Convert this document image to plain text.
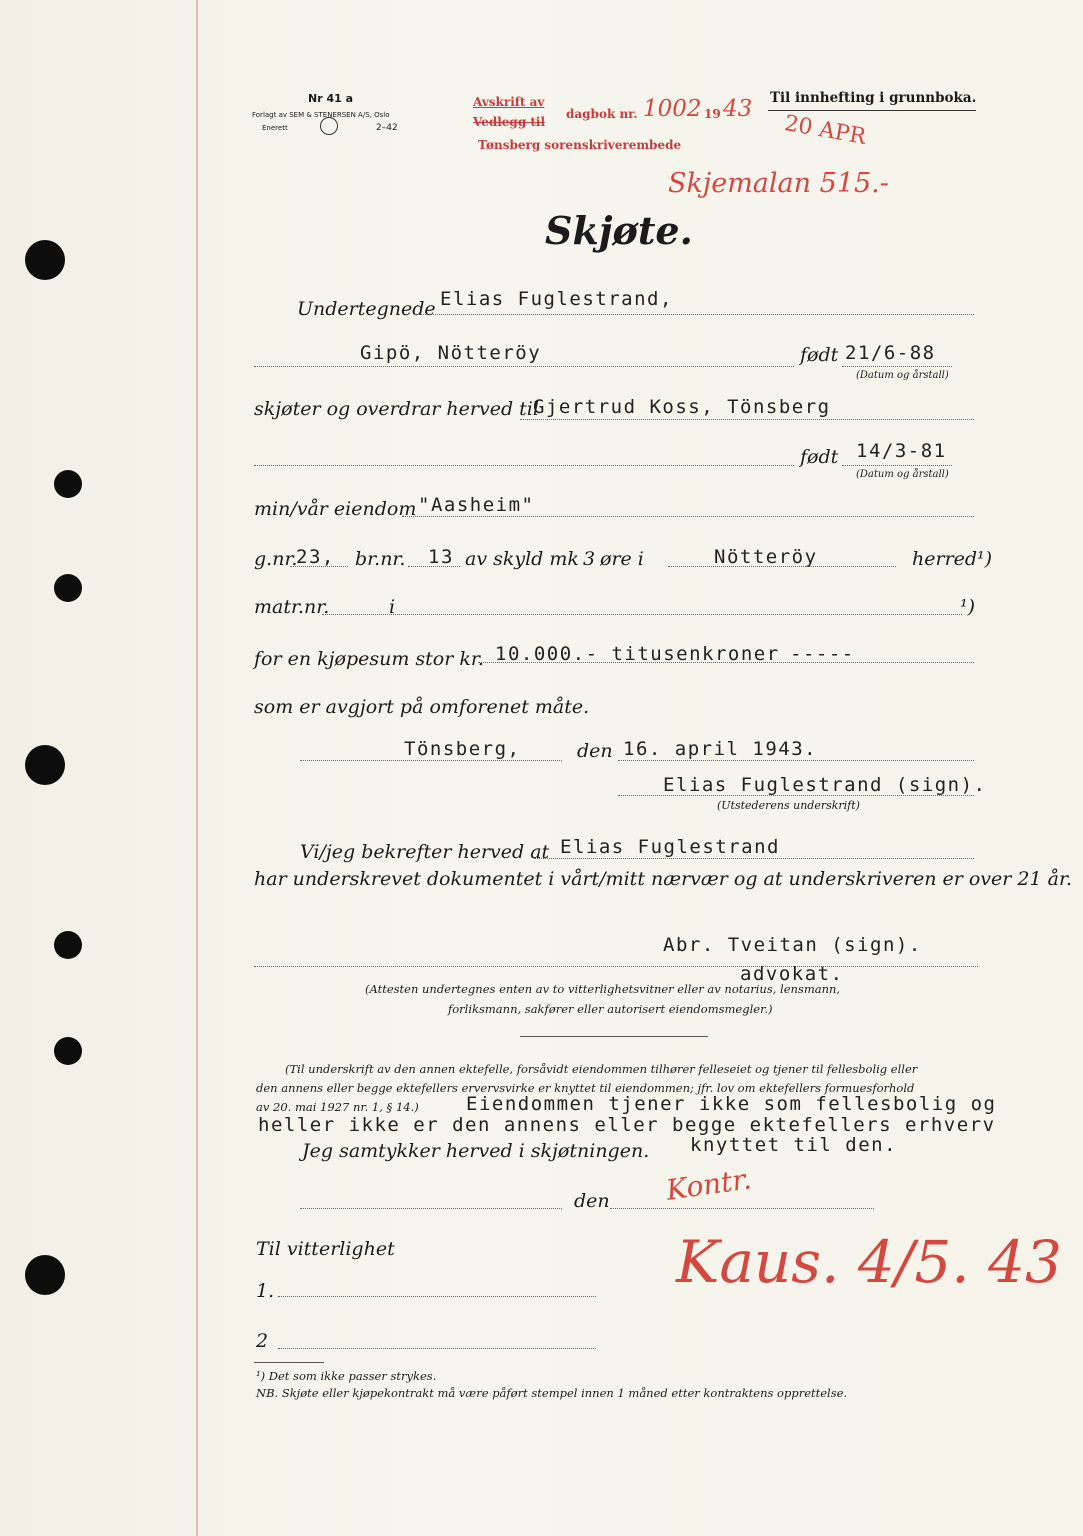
Nr 41 a
Forlagt av SEM & STENERSEN A/S, Oslo
Enerett	2–42
Avskrift av
Vedlegg til
dagbok nr. 1002 19 43
Tønsberg sorenskriverembede
Til innhefting i grunnboka.
20 APR
Skjemalan 515.-
Skjøte.
Undertegnede Elias Fuglestrand,
Gipö, Nötteröy	født 21/6-88
(Datum og årstall)
skjøter og overdrar herved til
Gjertrud Koss, Tönsberg
født 14/3-81
(Datum og årstall)
min/vår eiendom "Aasheim"
g.nr.
23, br.nr. 13 av skyld mk 3 øre i	Nötteröy	herred¹)
matr.nr.	i	¹)
for en kjøpesum stor kr. 10.000.- titusenkroner -----
som er avgjort på omforenet måte.
Tönsberg,	den 16. april 1943.
Elias Fuglestrand (sign).
(Utstederens underskrift)
Vi/jeg bekrefter herved at Elias Fuglestrand
har underskrevet dokumentet i vårt/mitt nærvær og at underskriveren er over 21 år.
Abr. Tveitan (sign).
advokat.
(Attesten undertegnes enten av to vitterlighetsvitner eller av notarius, lensmann,
forliksmann, sakfører eller autorisert eiendomsmegler.)
(Til underskrift av den annen ektefelle, forsåvidt eiendommen tilhører felleseiet og tjener til fellesbolig eller
den annens eller begge ektefellers ervervsvirke er knyttet til eiendommen; jfr. lov om ektefellers formuesforhold
av 20. mai 1927 nr. 1, § 14.) Eiendommen tjener ikke som fellesbolig og
heller ikke er den annens eller begge ektefellers erhverv
knyttet til den.
Jeg samtykker herved i skjøtningen.
den Kontr.
Kaus. 4/5. 43
Til vitterlighet
1.
2
¹) Det som ikke passer strykes.
NB. Skjøte eller kjøpekontrakt må være påført stempel innen 1 måned etter kontraktens opprettelse.
